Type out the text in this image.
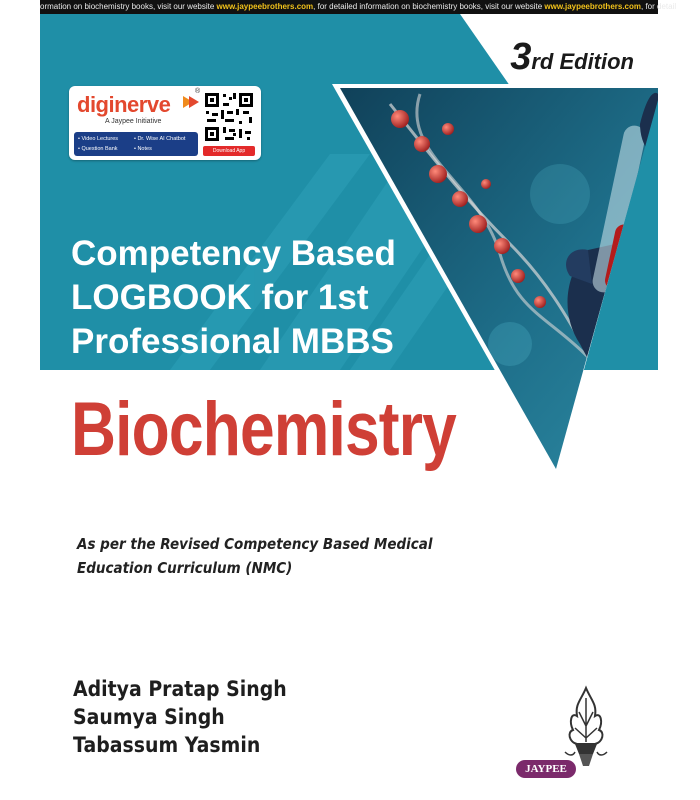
ormation on biochemistry books, visit our website www.jaypeebrothers.com, for detailed information on biochemistry books, visit our website www.jaypeebrothers.com, for detail
3rd Edition
diginerve
®
A Jaypee Initiative
• Video Lectures	• Dr. Wise AI Chatbot• Question Bank	• Notes	Download App
Competency Based
LOGBOOK for 1st
Professional MBBS
Biochemistry
As per the Revised Competency Based Medical
Education Curriculum (NMC)
Aditya Pratap Singh
Saumya Singh
Tabassum Yasmin
JAYPEE
